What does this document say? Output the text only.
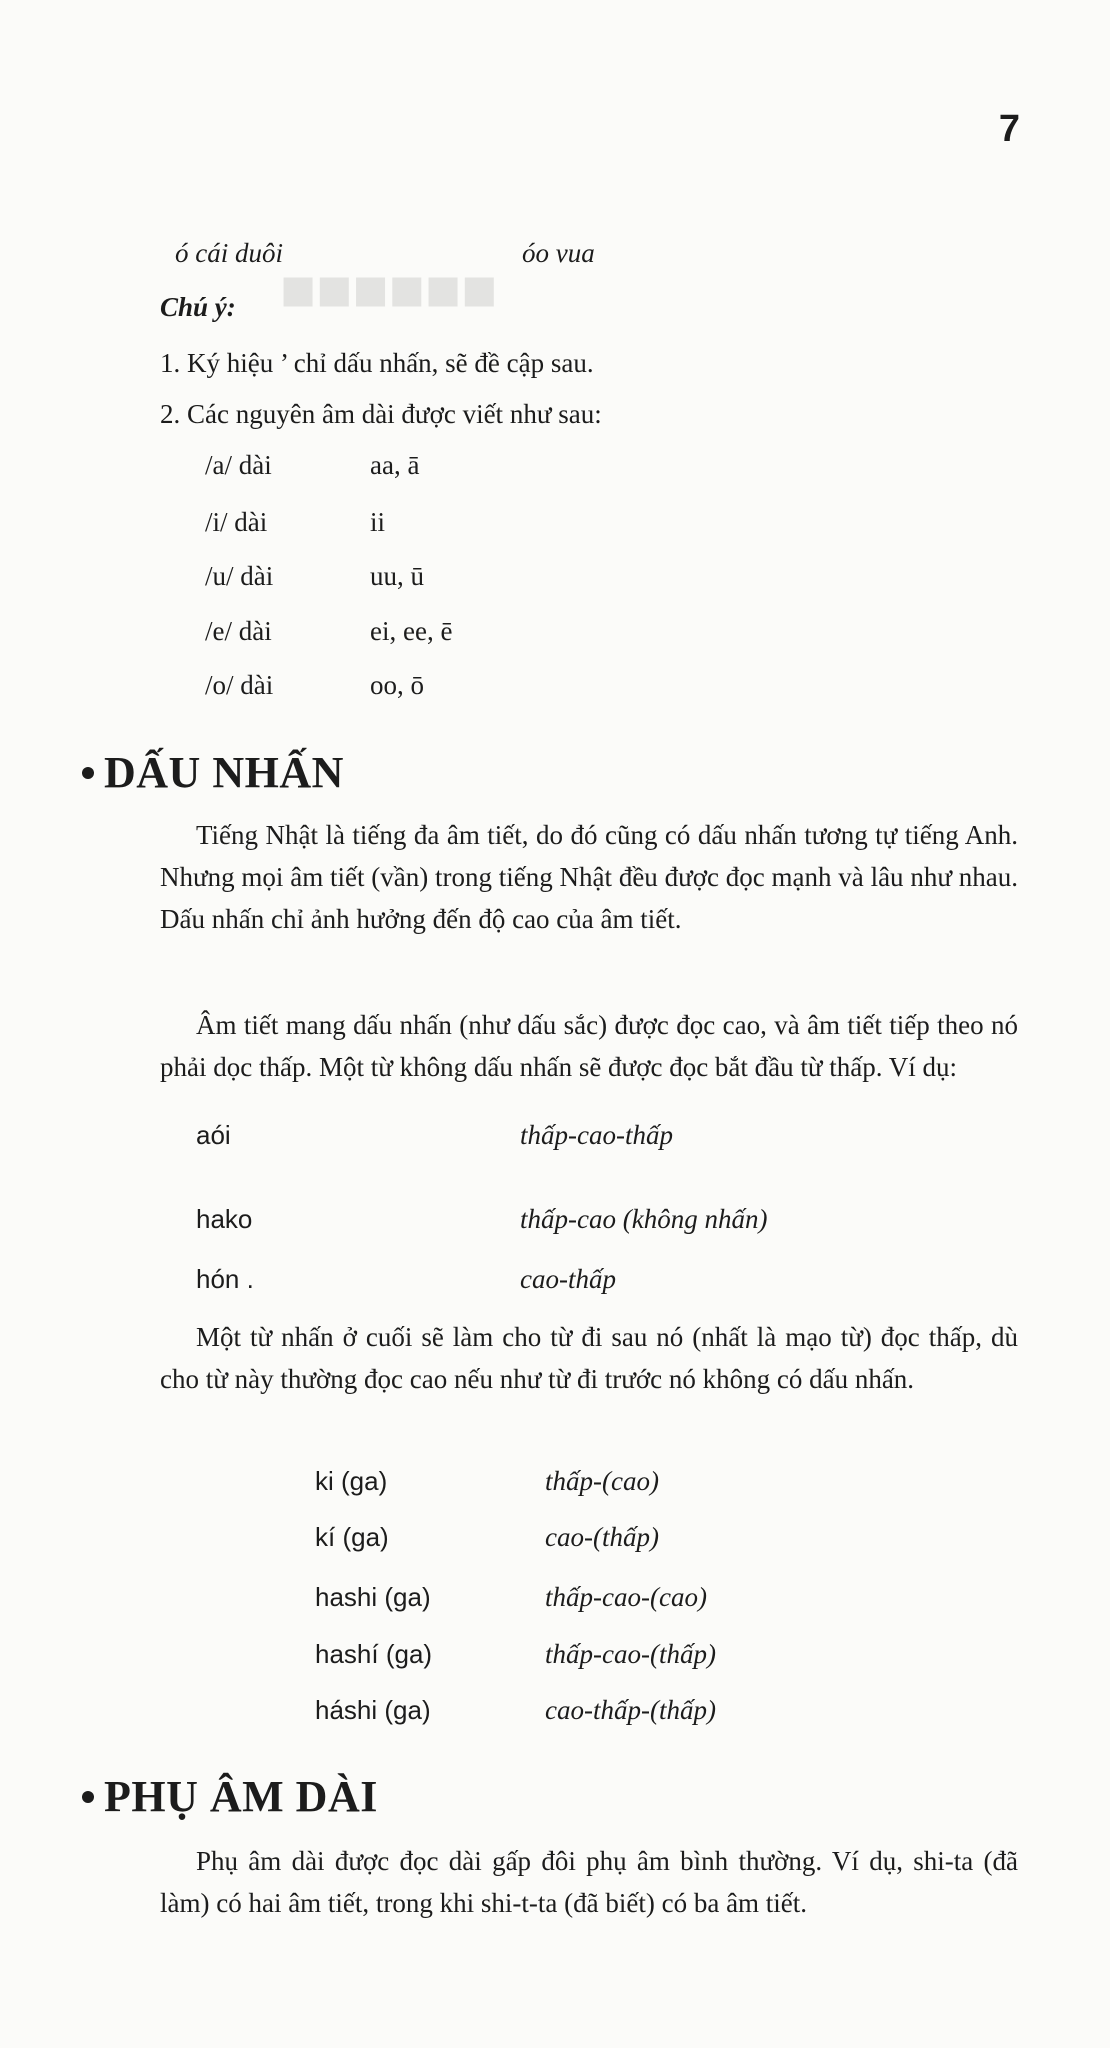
7
■■■■■■
ó cái duôi	óo vua
Chú ý:
1. Ký hiệu ’ chỉ dấu nhấn, sẽ đề cập sau.
2. Các nguyên âm dài được viết như sau:
/a/ dài	aa, ā
/i/ dài	ii
/u/ dài	uu, ū
/e/ dài	ei, ee, ē
/o/ dài	oo, ō
DẤU NHẤN

Tiếng Nhật là tiếng đa âm tiết, do đó cũng có dấu nhấn tương tự tiếng Anh. Nhưng mọi âm tiết (vần) trong tiếng Nhật đều được đọc mạnh và lâu như nhau. Dấu nhấn chỉ ảnh hưởng đến độ cao của âm tiết.

Âm tiết mang dấu nhấn (như dấu sắc) được đọc cao, và âm tiết tiếp theo nó phải dọc thấp. Một từ không dấu nhấn sẽ được đọc bắt đầu từ thấp. Ví dụ:

aói	thấp-cao-thấp
hako	thấp-cao (không nhấn)
hón .	cao-thấp

Một từ nhấn ở cuối sẽ làm cho từ đi sau nó (nhất là mạo từ) đọc thấp, dù cho từ này thường đọc cao nếu như từ đi trước nó không có dấu nhấn.

ki (ga)	thấp-(cao)
kí (ga)	cao-(thấp)
hashi (ga)	thấp-cao-(cao)
hashí (ga)	thấp-cao-(thấp)
háshi (ga)	cao-thấp-(thấp)
PHỤ ÂM DÀI

Phụ âm dài được đọc dài gấp đôi phụ âm bình thường. Ví dụ, shi-ta (đã làm) có hai âm tiết, trong khi shi-t-ta (đã biết) có ba âm tiết.
